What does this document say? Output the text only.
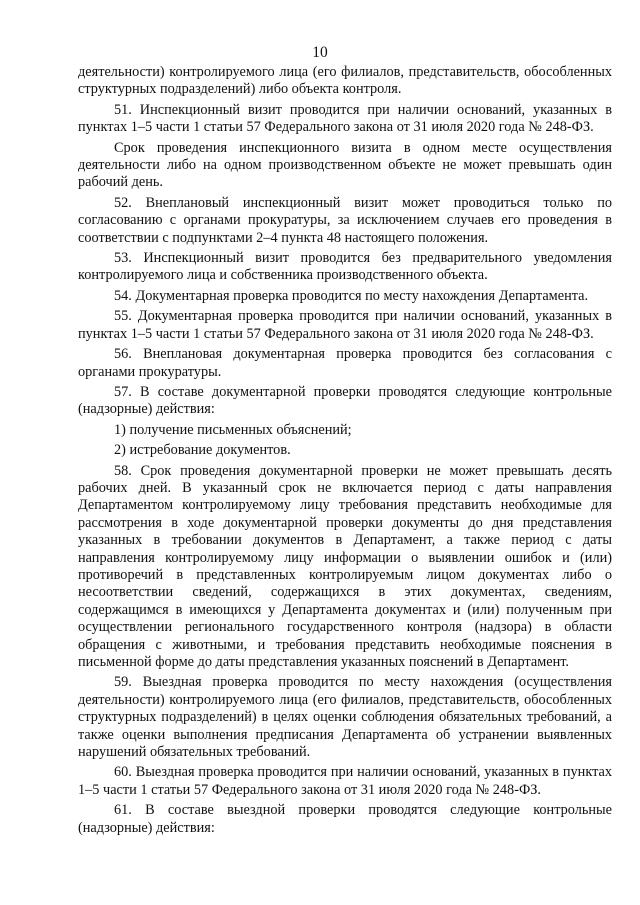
10

деятельности) контролируемого лица (его филиалов, представительств, обособленных структурных подразделений) либо объекта контроля.

51. Инспекционный визит проводится при наличии оснований, указанных в пунктах 1–5 части 1 статьи 57 Федерального закона от 31 июля 2020 года № 248-ФЗ.

Срок проведения инспекционного визита в одном месте осуществления деятельности либо на одном производственном объекте не может превышать один рабочий день.

52. Внеплановый инспекционный визит может проводиться только по согласованию с органами прокуратуры, за исключением случаев его проведения в соответствии с подпунктами 2–4 пункта 48 настоящего положения.

53. Инспекционный визит проводится без предварительного уведомления контролируемого лица и собственника производственного объекта.

54. Документарная проверка проводится по месту нахождения Департамента.

55. Документарная проверка проводится при наличии оснований, указанных в пунктах 1–5 части 1 статьи 57 Федерального закона от 31 июля 2020 года № 248-ФЗ.

56. Внеплановая документарная проверка проводится без согласования с органами прокуратуры.

57. В составе документарной проверки проводятся следующие контрольные (надзорные) действия:

1) получение письменных объяснений;

2) истребование документов.

58. Срок проведения документарной проверки не может превышать десять рабочих дней. В указанный срок не включается период с даты направления Департаментом контролируемому лицу требования представить необходимые для рассмотрения в ходе документарной проверки документы до дня представления указанных в требовании документов в Департамент, а также период с даты направления контролируемому лицу информации о выявлении ошибок и (или) противоречий в представленных контролируемым лицом документах либо о несоответствии сведений, содержащихся в этих документах, сведениям, содержащимся в имеющихся у Департамента документах и (или) полученным при осуществлении регионального государственного контроля (надзора) в области обращения с животными, и требования представить необходимые пояснения в письменной форме до даты представления указанных пояснений в Департамент.

59. Выездная проверка проводится по месту нахождения (осуществления деятельности) контролируемого лица (его филиалов, представительств, обособленных структурных подразделений) в целях оценки соблюдения обязательных требований, а также оценки выполнения предписания Департамента об устранении выявленных нарушений обязательных требований.

60. Выездная проверка проводится при наличии оснований, указанных в пунктах 1–5 части 1 статьи 57 Федерального закона от 31 июля 2020 года № 248-ФЗ.

61. В составе выездной проверки проводятся следующие контрольные (надзорные) действия:
